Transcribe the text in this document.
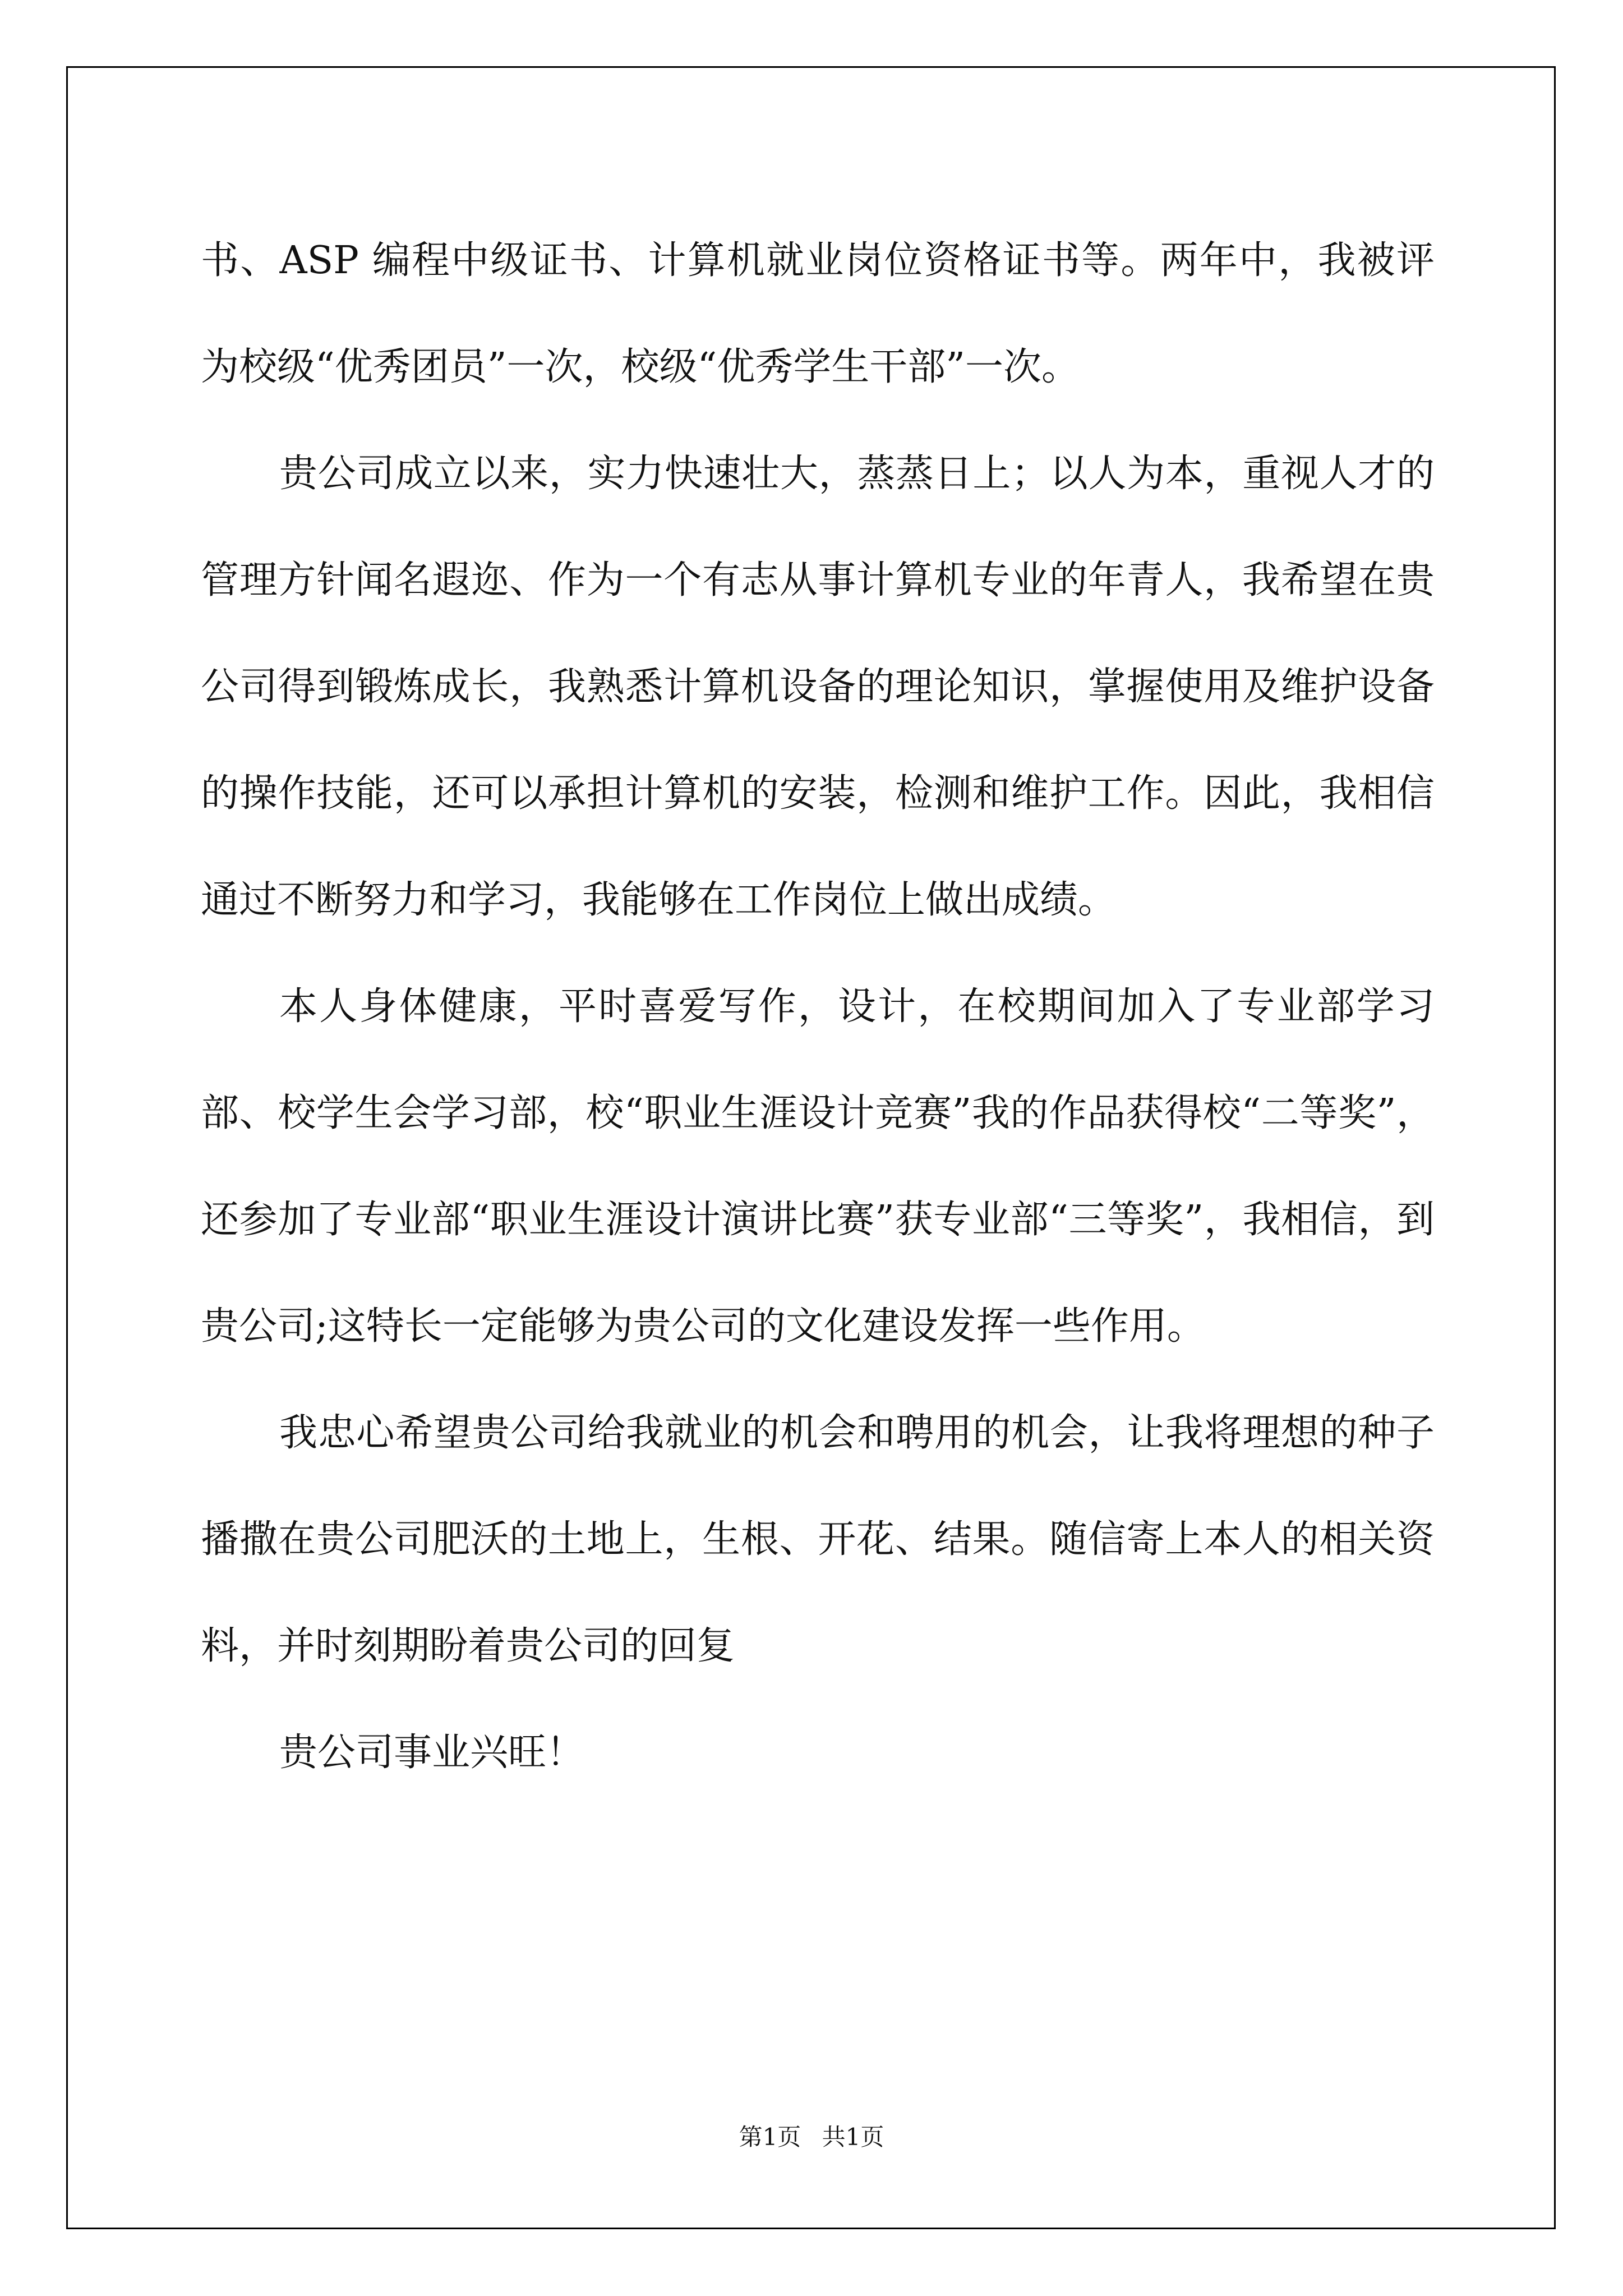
书、ASP 编程中级证书、计算机就业岗位资格证书等。两年中，我被评为校级“优秀团员”一次，校级“优秀学生干部”一次。

贵公司成立以来，实力快速壮大，蒸蒸日上；以人为本，重视人才的管理方针闻名遐迩、作为一个有志从事计算机专业的年青人，我希望在贵公司得到锻炼成长，我熟悉计算机设备的理论知识，掌握使用及维护设备的操作技能，还可以承担计算机的安装，检测和维护工作。因此，我相信通过不断努力和学习，我能够在工作岗位上做出成绩。

本人身体健康，平时喜爱写作，设计，在校期间加入了专业部学习部、校学生会学习部，校“职业生涯设计竞赛”我的作品获得校“二等奖”，还参加了专业部“职业生涯设计演讲比赛”获专业部“三等奖”，我相信，到贵公司;这特长一定能够为贵公司的文化建设发挥一些作用。

我忠心希望贵公司给我就业的机会和聘用的机会，让我将理想的种子播撒在贵公司肥沃的土地上，生根、开花、结果。随信寄上本人的相关资料，并时刻期盼着贵公司的回复

贵公司事业兴旺！

第1页 共1页
